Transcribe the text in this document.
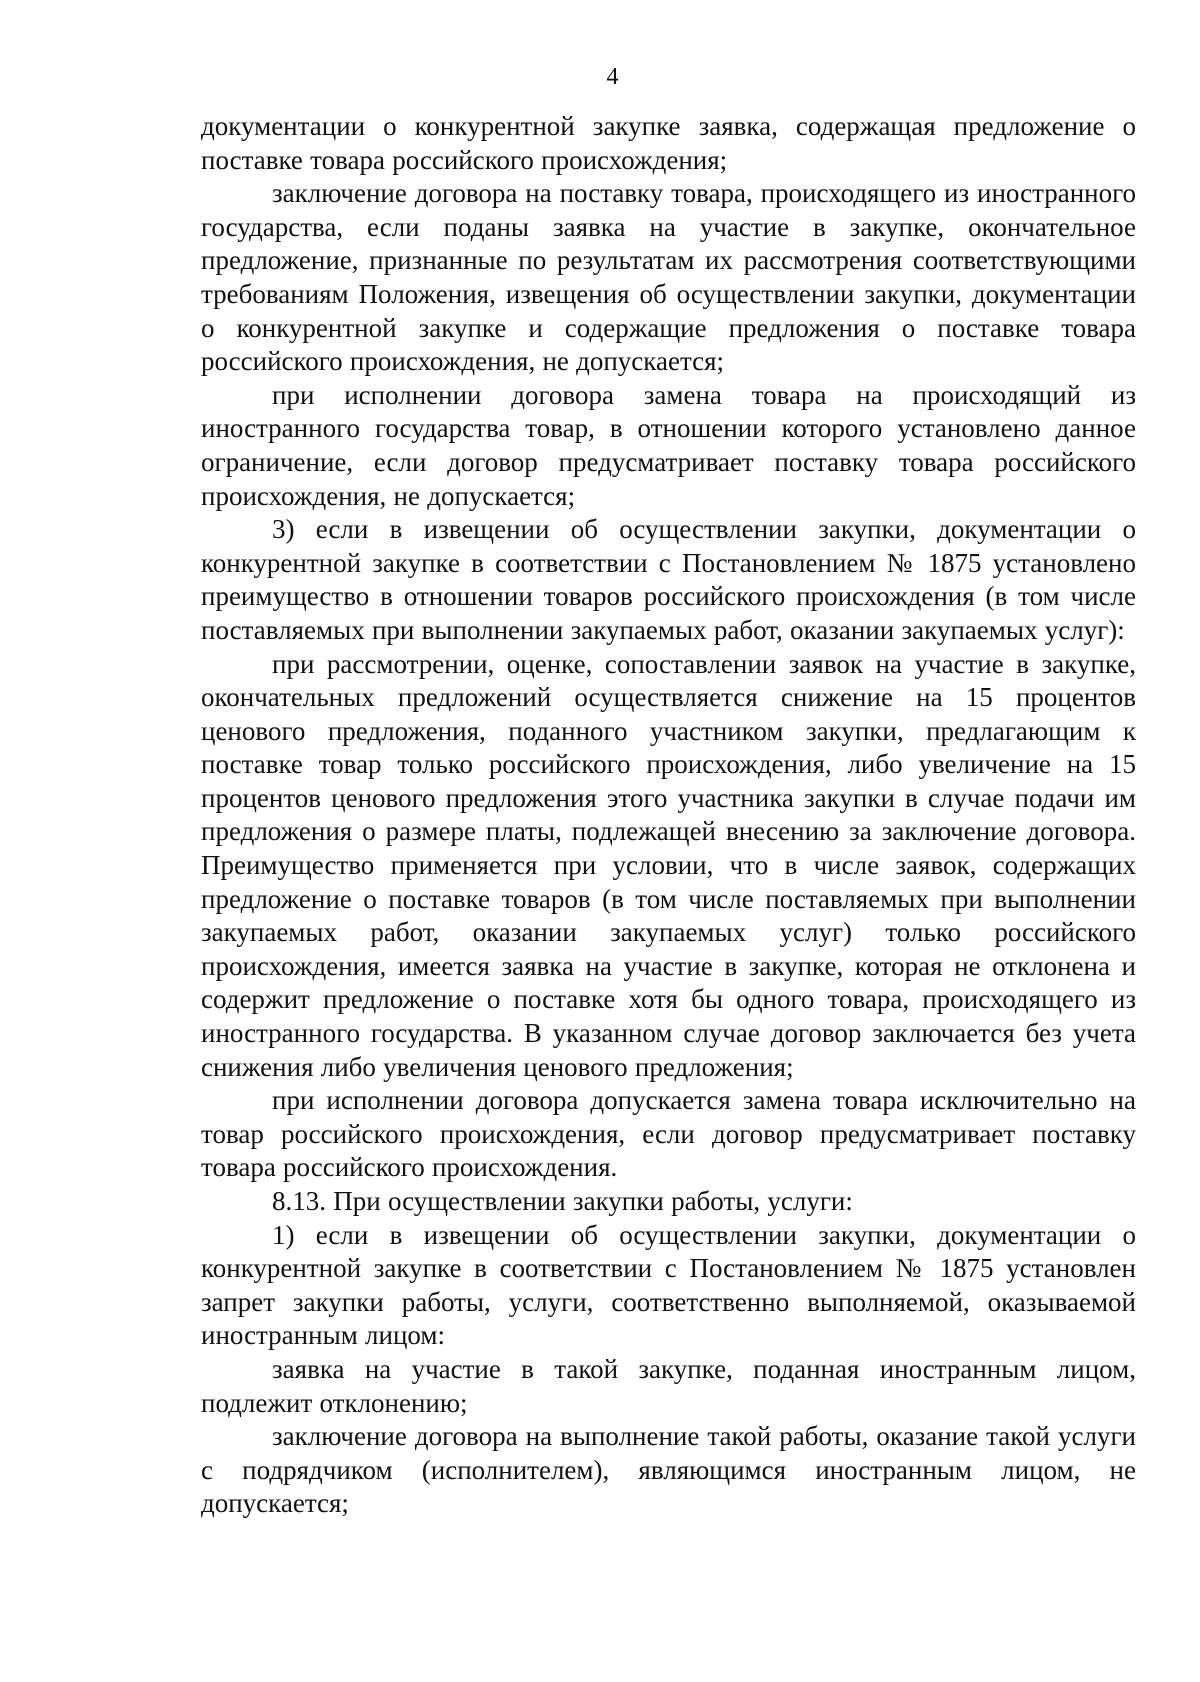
4

документации о конкурентной закупке заявка, содержащая предложение о поставке товара российского происхождения;

заключение договора на поставку товара, происходящего из иностранного государства, если поданы заявка на участие в закупке, окончательное предложение, признанные по результатам их рассмотрения соответствующими требованиям Положения, извещения об осуществлении закупки, документации о конкурентной закупке и содержащие предложения о поставке товара российского происхождения, не допускается;

при исполнении договора замена товара на происходящий из иностранного государства товар, в отношении которого установлено данное ограничение, если договор предусматривает поставку товара российского происхождения, не допускается;

3) если в извещении об осуществлении закупки, документации о конкурентной закупке в соответствии с Постановлением № 1875 установлено преимущество в отношении товаров российского происхождения (в том числе поставляемых при выполнении закупаемых работ, оказании закупаемых услуг):

при рассмотрении, оценке, сопоставлении заявок на участие в закупке, окончательных предложений осуществляется снижение на 15 процентов ценового предложения, поданного участником закупки, предлагающим к поставке товар только российского происхождения, либо увеличение на 15 процентов ценового предложения этого участника закупки в случае подачи им предложения о размере платы, подлежащей внесению за заключение договора. Преимущество применяется при условии, что в числе заявок, содержащих предложение о поставке товаров (в том числе поставляемых при выполнении закупаемых работ, оказании закупаемых услуг) только российского происхождения, имеется заявка на участие в закупке, которая не отклонена и содержит предложение о поставке хотя бы одного товара, происходящего из иностранного государства. В указанном случае договор заключается без учета снижения либо увеличения ценового предложения;

при исполнении договора допускается замена товара исключительно на товар российского происхождения, если договор предусматривает поставку товара российского происхождения.

8.13. При осуществлении закупки работы, услуги:

1) если в извещении об осуществлении закупки, документации о конкурентной закупке в соответствии с Постановлением № 1875 установлен запрет закупки работы, услуги, соответственно выполняемой, оказываемой иностранным лицом:

заявка на участие в такой закупке, поданная иностранным лицом, подлежит отклонению;

заключение договора на выполнение такой работы, оказание такой услуги с подрядчиком (исполнителем), являющимся иностранным лицом, не допускается;
